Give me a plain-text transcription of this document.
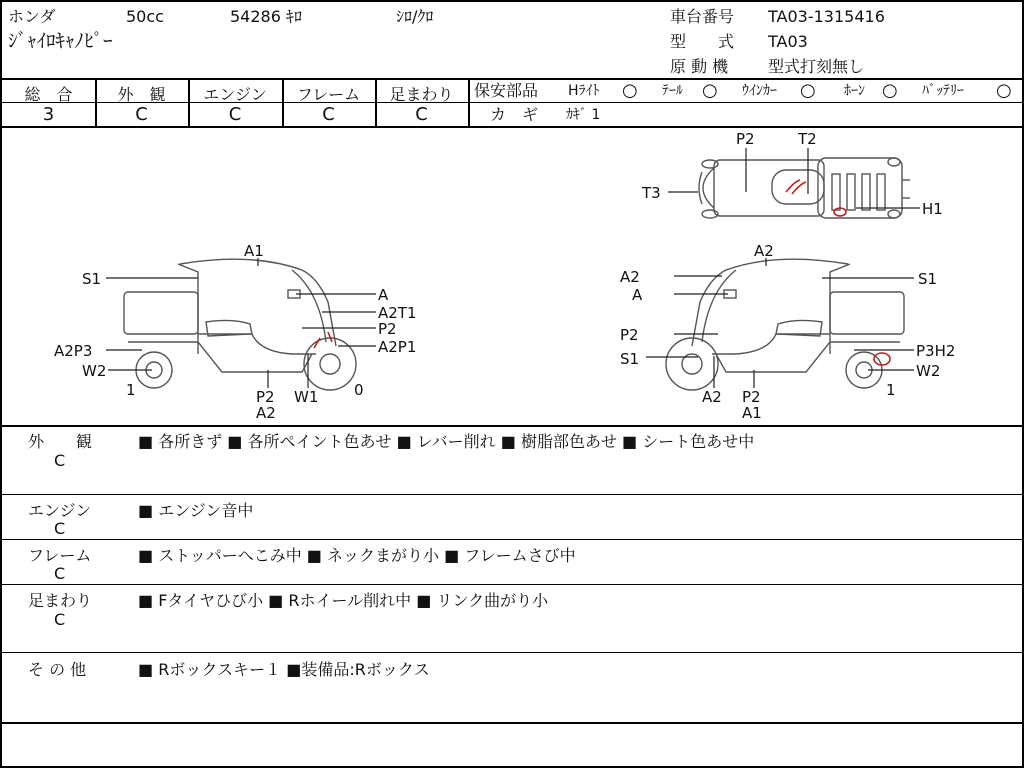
ホンダ	50cc	54286 ｷﾛ	ｼﾛ/ｸﾛ
ｼﾞｬｲﾛｷｬﾉﾋﾟｰ
車台番号 TA03-1315416
型　　式 TA03
原 動 機 型式打刻無し
総　合	外　観	エンジン	フレーム	足まわり
3	C	C	C	C
保安部品 Hﾗｲﾄ ○ ﾃｰﾙ ○ ｳｲﾝｶｰ ○ ﾎｰﾝ ○ ﾊﾞｯﾃﾘｰ ○
カ　ギ ｶｷﾞ 1
P2	T2
T3
H1
A1
S1
A
A2T1
P2
A2P1
A2P3
W2
1	0
P2 W1
A2
A2
A2
A
S1
P2
S1	P3H2
W2
1
A2 P2
A1
外　　観
C
■ 各所きず ■ 各所ペイント色あせ ■ レバー削れ ■ 樹脂部色あせ ■ シート色あせ中
エンジン
C
■ エンジン音中
フレーム
C
■ ストッパーへこみ中 ■ ネックまがり小 ■ フレームさび中
足まわり
C
■ Fタイヤひび小 ■ Rホイール削れ中 ■ リンク曲がり小
そ の 他	■ Rボックスキー１ ■装備品:Rボックス
